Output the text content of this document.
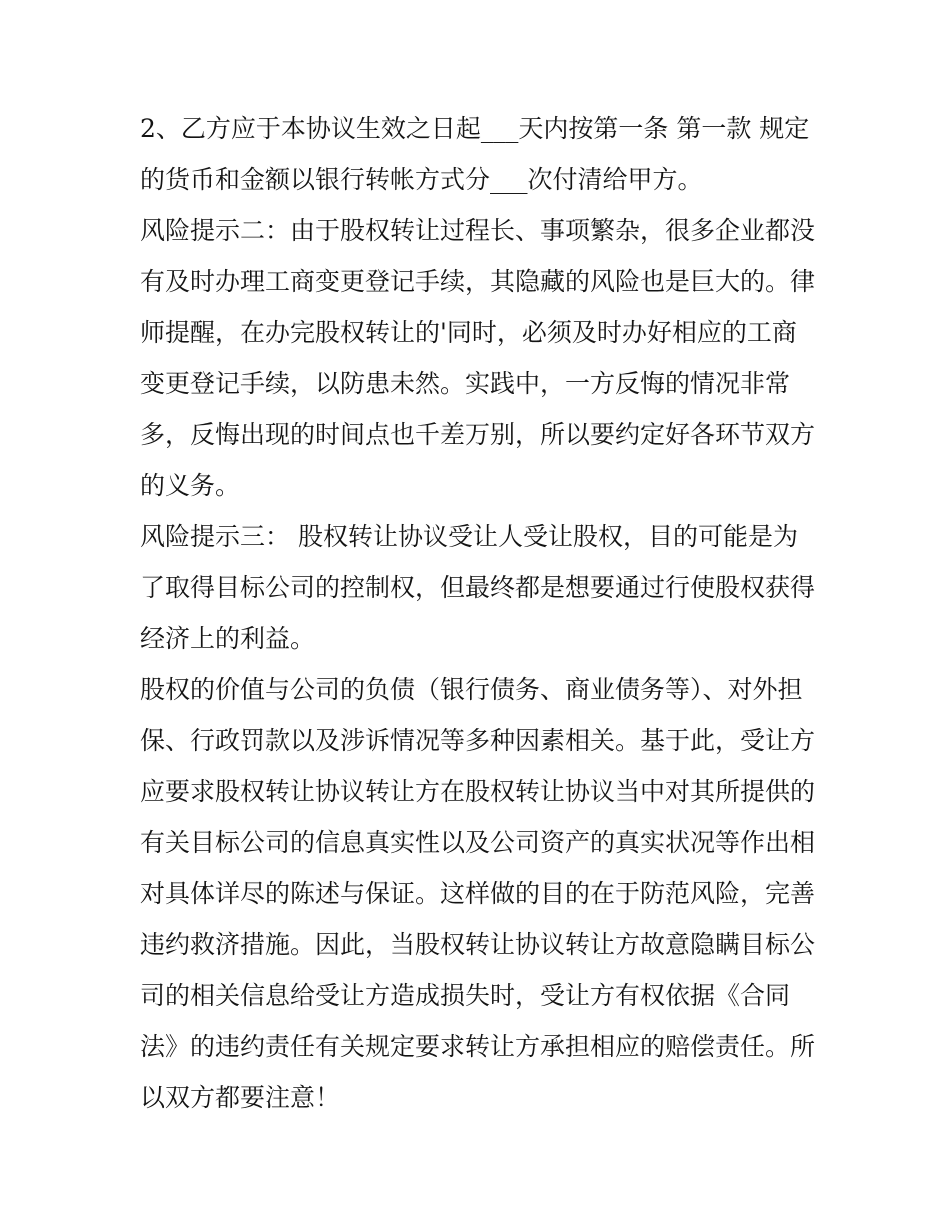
2、乙方应于本协议生效之日起___天内按第一条 第一款 规定的货币和金额以银行转帐方式分___次付清给甲方。

风险提示二：由于股权转让过程长、事项繁杂，很多企业都没有及时办理工商变更登记手续，其隐藏的风险也是巨大的。律师提醒，在办完股权转让的'同时，必须及时办好相应的工商变更登记手续，以防患未然。实践中，一方反悔的情况非常多，反悔出现的时间点也千差万别，所以要约定好各环节双方的义务。

风险提示三： 股权转让协议受让人受让股权，目的可能是为了取得目标公司的控制权，但最终都是想要通过行使股权获得经济上的利益。

股权的价值与公司的负债（银行债务、商业债务等）、对外担保、行政罚款以及涉诉情况等多种因素相关。基于此，受让方应要求股权转让协议转让方在股权转让协议当中对其所提供的有关目标公司的信息真实性以及公司资产的真实状况等作出相对具体详尽的陈述与保证。这样做的目的在于防范风险，完善违约救济措施。因此，当股权转让协议转让方故意隐瞒目标公司的相关信息给受让方造成损失时，受让方有权依据《合同法》的违约责任有关规定要求转让方承担相应的赔偿责任。所以双方都要注意！
